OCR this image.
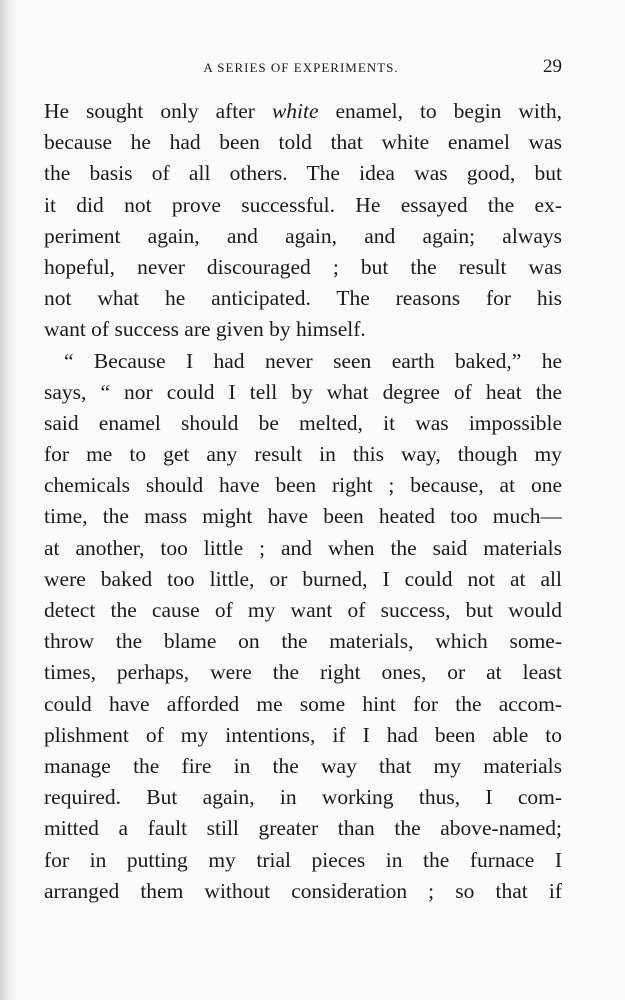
A SERIES OF EXPERIMENTS.	29
He sought only after white enamel, to begin with,
because he had been told that white enamel was
the basis of all others. The idea was good, but
it did not prove successful. He essayed the ex-
periment again, and again, and again; always
hopeful, never discouraged ; but the result was
not what he anticipated. The reasons for his
want of success are given by himself.
“ Because I had never seen earth baked,” he
says, “ nor could I tell by what degree of heat the
said enamel should be melted, it was impossible
for me to get any result in this way, though my
chemicals should have been right ; because, at one
time, the mass might have been heated too much—
at another, too little ; and when the said materials
were baked too little, or burned, I could not at all
detect the cause of my want of success, but would
throw the blame on the materials, which some-
times, perhaps, were the right ones, or at least
could have afforded me some hint for the accom-
plishment of my intentions, if I had been able to
manage the fire in the way that my materials
required. But again, in working thus, I com-
mitted a fault still greater than the above-named;
for in putting my trial pieces in the furnace I
arranged them without consideration ; so that if
